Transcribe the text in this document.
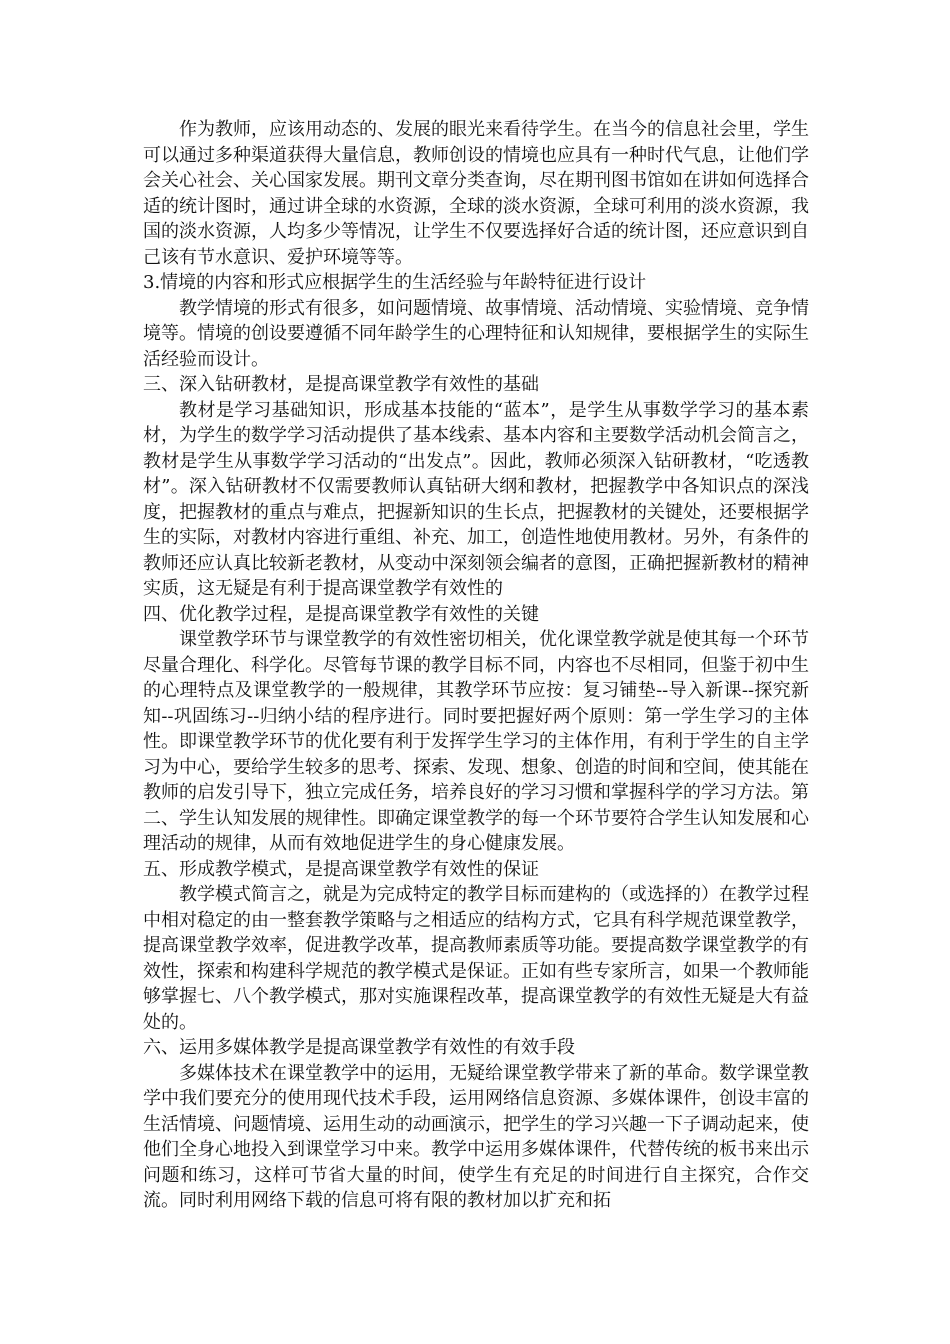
作为教师，应该用动态的、发展的眼光来看待学生。在当今的信息社会里，学生可以通过多种渠道获得大量信息，教师创设的情境也应具有一种时代气息，让他们学会关心社会、关心国家发展。期刊文章分类查询，尽在期刊图书馆如在讲如何选择合适的统计图时，通过讲全球的水资源，全球的淡水资源，全球可利用的淡水资源，我国的淡水资源，人均多少等情况，让学生不仅要选择好合适的统计图，还应意识到自己该有节水意识、爱护环境等等。

3.情境的内容和形式应根据学生的生活经验与年龄特征进行设计

教学情境的形式有很多，如问题情境、故事情境、活动情境、实验情境、竞争情境等。情境的创设要遵循不同年龄学生的心理特征和认知规律，要根据学生的实际生活经验而设计。

三、深入钻研教材，是提高课堂教学有效性的基础

教材是学习基础知识，形成基本技能的“蓝本”，是学生从事数学学习的基本素材，为学生的数学学习活动提供了基本线索、基本内容和主要数学活动机会简言之，教材是学生从事数学学习活动的“出发点”。因此，教师必须深入钻研教材，“吃透教材”。深入钻研教材不仅需要教师认真钻研大纲和教材，把握教学中各知识点的深浅度，把握教材的重点与难点，把握新知识的生长点，把握教材的关键处，还要根据学生的实际，对教材内容进行重组、补充、加工，创造性地使用教材。另外，有条件的教师还应认真比较新老教材，从变动中深刻领会编者的意图，正确把握新教材的精神实质，这无疑是有利于提高课堂教学有效性的

四、优化教学过程，是提高课堂教学有效性的关键

课堂教学环节与课堂教学的有效性密切相关，优化课堂教学就是使其每一个环节尽量合理化、科学化。尽管每节课的教学目标不同，内容也不尽相同，但鉴于初中生的心理特点及课堂教学的一般规律，其教学环节应按：复习铺垫--导入新课--探究新知--巩固练习--归纳小结的程序进行。同时要把握好两个原则：第一学生学习的主体性。即课堂教学环节的优化要有利于发挥学生学习的主体作用，有利于学生的自主学习为中心，要给学生较多的思考、探索、发现、想象、创造的时间和空间，使其能在教师的启发引导下，独立完成任务，培养良好的学习习惯和掌握科学的学习方法。第二、学生认知发展的规律性。即确定课堂教学的每一个环节要符合学生认知发展和心理活动的规律，从而有效地促进学生的身心健康发展。

五、形成教学模式，是提高课堂教学有效性的保证

教学模式简言之，就是为完成特定的教学目标而建构的（或选择的）在教学过程中相对稳定的由一整套教学策略与之相适应的结构方式，它具有科学规范课堂教学，提高课堂教学效率，促进教学改革，提高教师素质等功能。要提高数学课堂教学的有效性，探索和构建科学规范的教学模式是保证。正如有些专家所言，如果一个教师能够掌握七、八个教学模式，那对实施课程改革，提高课堂教学的有效性无疑是大有益处的。

六、运用多媒体教学是提高课堂教学有效性的有效手段

多媒体技术在课堂教学中的运用，无疑给课堂教学带来了新的革命。数学课堂教学中我们要充分的使用现代技术手段，运用网络信息资源、多媒体课件，创设丰富的生活情境、问题情境、运用生动的动画演示，把学生的学习兴趣一下子调动起来，使他们全身心地投入到课堂学习中来。教学中运用多媒体课件，代替传统的板书来出示问题和练习，这样可节省大量的时间，使学生有充足的时间进行自主探究，合作交流。同时利用网络下载的信息可将有限的教材加以扩充和拓
